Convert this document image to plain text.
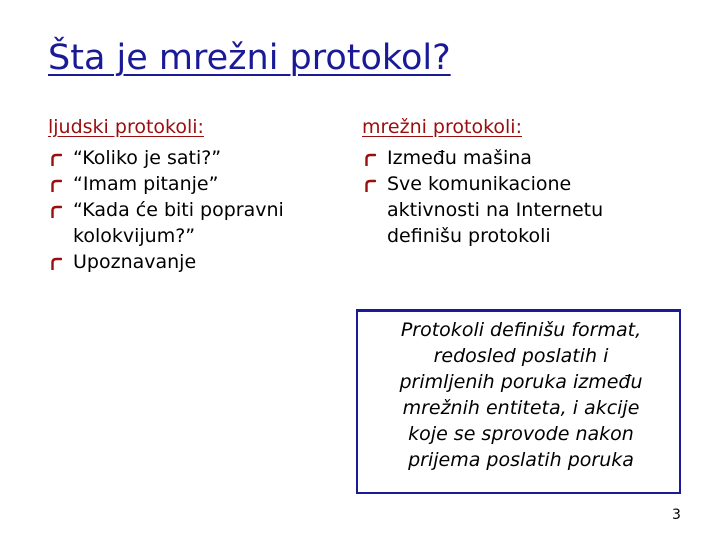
Šta je mrežni protokol?
ljudski protokoli:
“Koliko je sati?”
“Imam pitanje”
“Kada će biti popravni
kolokvijum?”
Upoznavanje
mrežni protokoli:
Između mašina
Sve komunikacione
aktivnosti na Internetu
definišu protokoli
Protokoli definišu format,
redosled poslatih i
primljenih poruka između
mrežnih entiteta, i akcije
koje se sprovode nakon
prijema poslatih poruka
3
